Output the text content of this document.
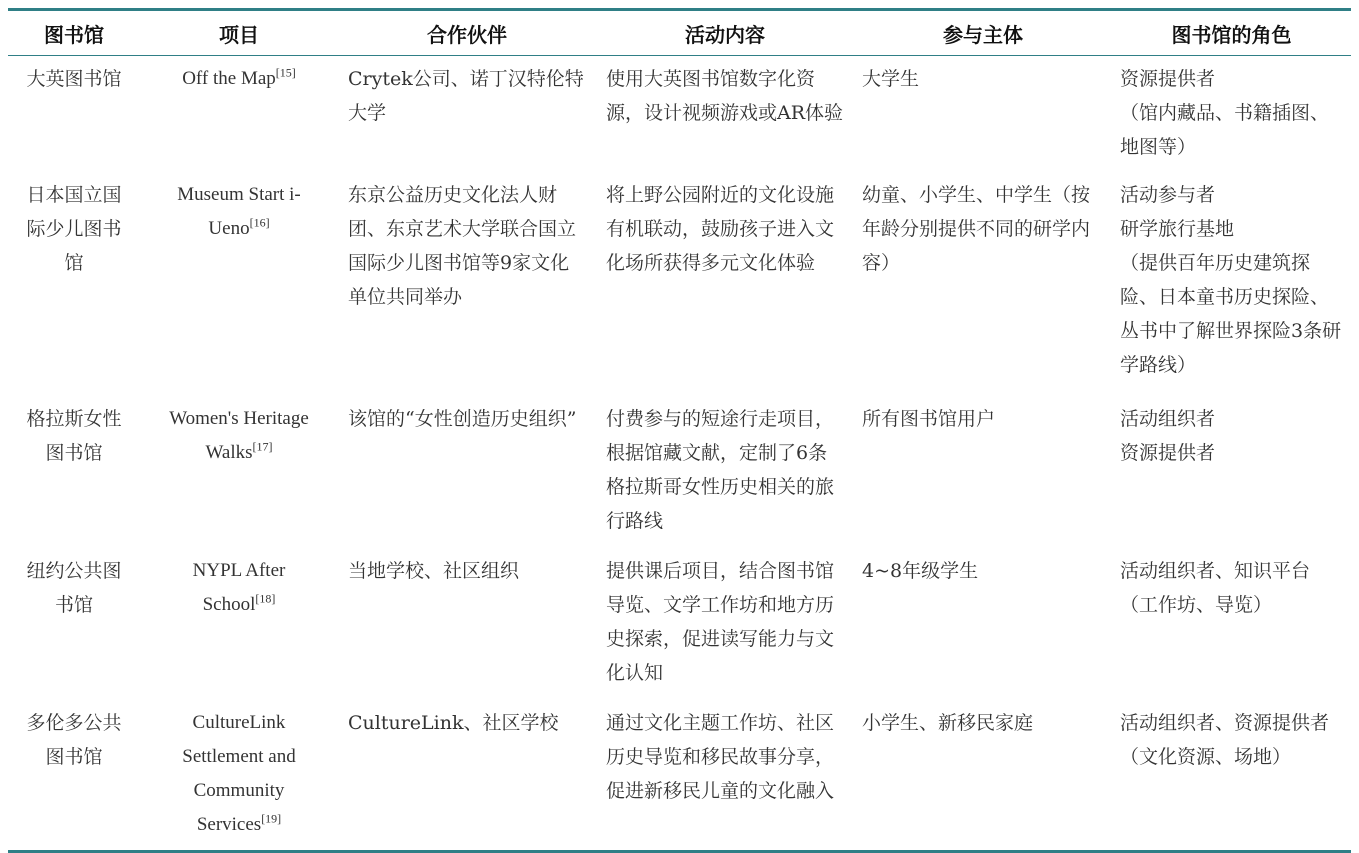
图书馆	项目	合作伙伴	活动内容	参与主体	图书馆的角色
大英图书馆	Off the Map[15]	Crytek公司、诺丁汉特伦特大学	使用大英图书馆数字化资源，设计视频游戏或AR体验	大学生	资源提供者
（馆内藏品、书籍插图、地图等）

日本国立国际少儿图书馆	Museum Start i-Ueno[16]	东京公益历史文化法人财团、东京艺术大学联合国立国际少儿图书馆等9家文化单位共同举办	将上野公园附近的文化设施有机联动，鼓励孩子进入文化场所获得多元文化体验	幼童、小学生、中学生（按年龄分别提供不同的研学内容）	活动参与者
研学旅行基地
（提供百年历史建筑探险、日本童书历史探险、丛书中了解世界探险3条研学路线）

格拉斯女性图书馆	Women's Heritage Walks[17]	该馆的“女性创造历史组织”	付费参与的短途行走项目，根据馆藏文献，定制了6条格拉斯哥女性历史相关的旅行路线	所有图书馆用户	活动组织者
资源提供者

纽约公共图书馆	NYPL After School[18]	当地学校、社区组织	提供课后项目，结合图书馆导览、文学工作坊和地方历史探索，促进读写能力与文化认知	4~8年级学生	活动组织者、知识平台
（工作坊、导览）

多伦多公共图书馆	CultureLink Settlement and Community Services[19]	CultureLink、社区学校	通过文化主题工作坊、社区历史导览和移民故事分享，促进新移民儿童的文化融入	小学生、新移民家庭	活动组织者、资源提供者（文化资源、场地）
